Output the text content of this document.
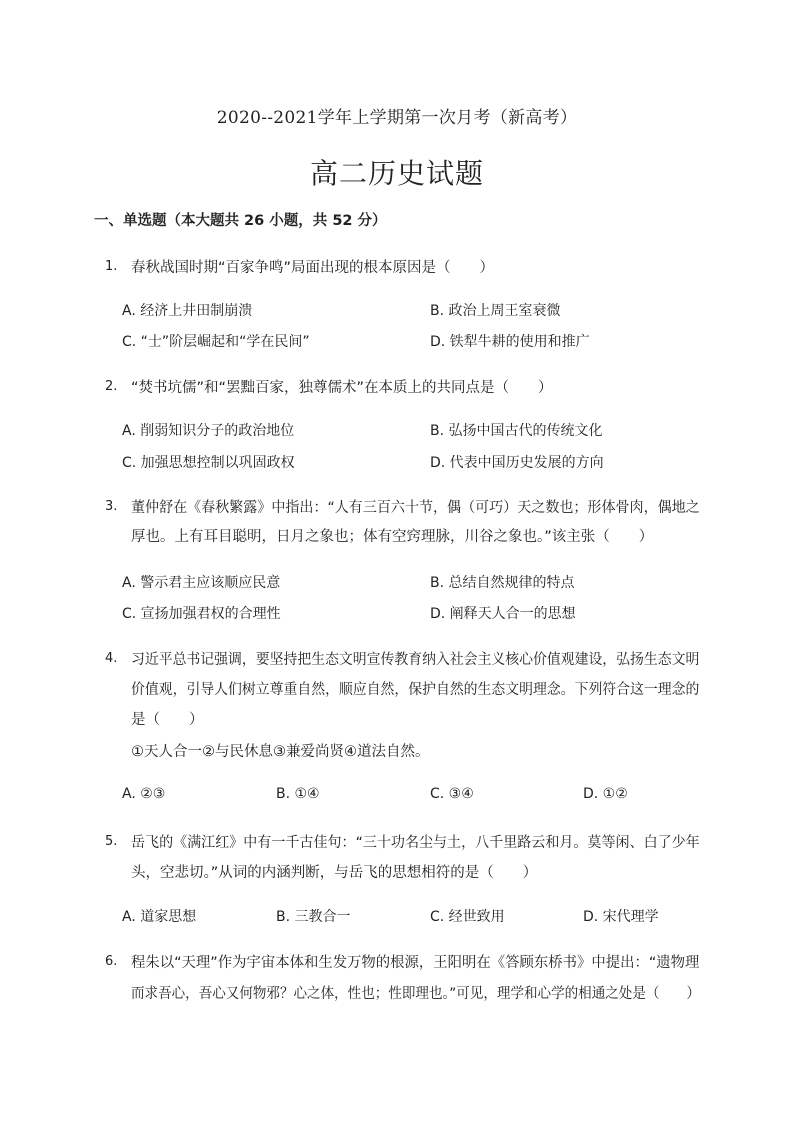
2020--2021学年上学期第一次月考（新高考）
高二历史试题
一、单选题（本大题共 26 小题，共 52 分）
1. 春秋战国时期“百家争鸣”局面出现的根本原因是（　　）
A. 经济上井田制崩溃	B. 政治上周王室衰微
C. “士”阶层崛起和“学在民间”	D. 铁犁牛耕的使用和推广
2. “焚书坑儒”和“罢黜百家，独尊儒术”在本质上的共同点是（　　）
A. 削弱知识分子的政治地位	B. 弘扬中国古代的传统文化
C. 加强思想控制以巩固政权	D. 代表中国历史发展的方向
3. 董仲舒在《春秋繁露》中指出：“人有三百六十节，偶（可巧）天之数也；形体骨肉，偶地之
厚也。上有耳目聪明，日月之象也；体有空窍理脉，川谷之象也。”该主张（　　）
A. 警示君主应该顺应民意	B. 总结自然规律的特点
C. 宣扬加强君权的合理性	D. 阐释天人合一的思想
4. 习近平总书记强调，要坚持把生态文明宣传教育纳入社会主义核心价值观建设，弘扬生态文明
价值观，引导人们树立尊重自然，顺应自然，保护自然的生态文明理念。下列符合这一理念的
是（　　）
①天人合一②与民休息③兼爱尚贤④道法自然。
A. ②③	B. ①④	C. ③④	D. ①②
5. 岳飞的《满江红》中有一千古佳句：“三十功名尘与土，八千里路云和月。莫等闲、白了少年
头，空悲切。”从词的内涵判断，与岳飞的思想相符的是（　　）
A. 道家思想	B. 三教合一	C. 经世致用	D. 宋代理学
6. 程朱以“天理”作为宇宙本体和生发万物的根源，王阳明在《答顾东桥书》中提出：“遗物理
而求吾心，吾心又何物邪？心之体，性也；性即理也。”可见，理学和心学的相通之处是（　　）
